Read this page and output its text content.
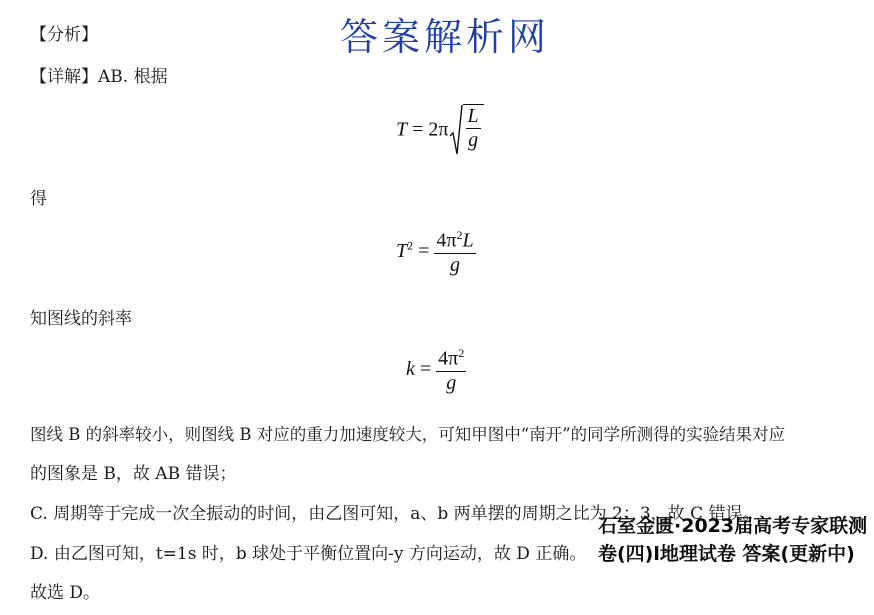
答案解析网
【分析】
【详解】AB. 根据
$T = 2\pi \frac{L}{g}$
得
$T^2 = \frac{4\pi^2L}{g}$
知图线的斜率
$k = \frac{4\pi^2}{g}$
图线 B 的斜率较小，则图线 B 对应的重力加速度较大，可知甲图中“南开”的同学所测得的实验结果对应
的图象是 B，故 AB 错误；
C. 周期等于完成一次全振动的时间，由乙图可知，a、b 两单摆的周期之比为 2：3，故 C 错误。
D. 由乙图可知，t=1s 时，b 球处于平衡位置向-y 方向运动，故 D 正确。
故选 D。
石室金匮·2023届高考专家联测卷(四)l地理试卷 答案(更新中)
